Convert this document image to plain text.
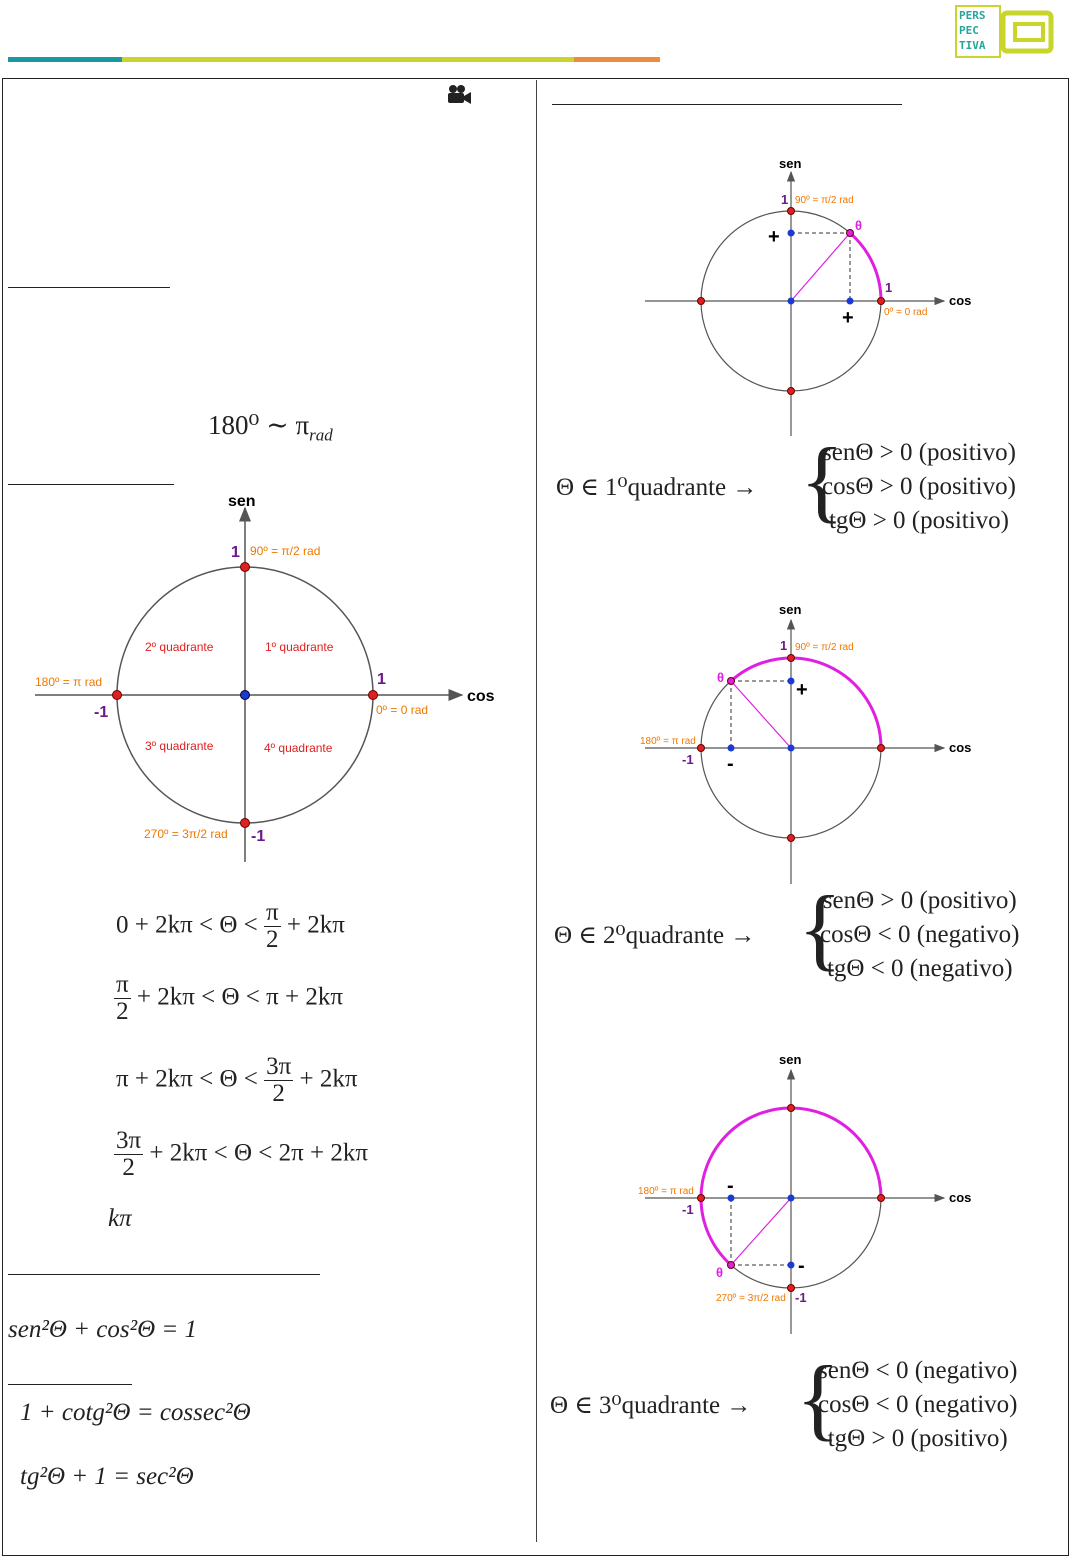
PERS
PEC
TIVA
180⁰ ∼ $\pi_{rad}$
sen
cos
1
1
-1
-1
90º = π/2 rad
0º = 0 rad
180º = π rad
270º = 3π/2 rad
2º quadrante	1º quadrante
3º quadrante	4º quadrante
$0 + 2k\pi < \Theta < \frac{\pi}{2} + 2k\pi$
$\frac{\pi}{2} + 2k\pi < \Theta < \pi + 2k\pi$
$\pi + 2k\pi < \Theta < \frac{3\pi}{2} + 2k\pi$
$\frac{3\pi}{2} + 2k\pi < \Theta < 2\pi + 2k\pi$
kπ
sen²Θ + cos²Θ = 1
1 + cotg²Θ = cossec²Θ
tg²Θ + 1 = sec²Θ
sen
cos
1
1
90º = π/2 rad
0º = 0 rad
θ
+
+
Θ ∈ 1⁰quadrante → {
senΘ > 0 (positivo)
cosΘ > 0 (positivo)
tgΘ > 0 (positivo)
sen
cos
1
-1
90º = π/2 rad
180º = π rad
θ
+
-
Θ ∈ 2⁰quadrante → {
senΘ > 0 (positivo)
cosΘ < 0 (negativo)
tgΘ < 0 (negativo)
sen
cos
-1
-1
180º = π rad
270º = 3π/2 rad
θ
-
-
Θ ∈ 3⁰quadrante → {
senΘ < 0 (negativo)
cosΘ < 0 (negativo)
tgΘ > 0 (positivo)
